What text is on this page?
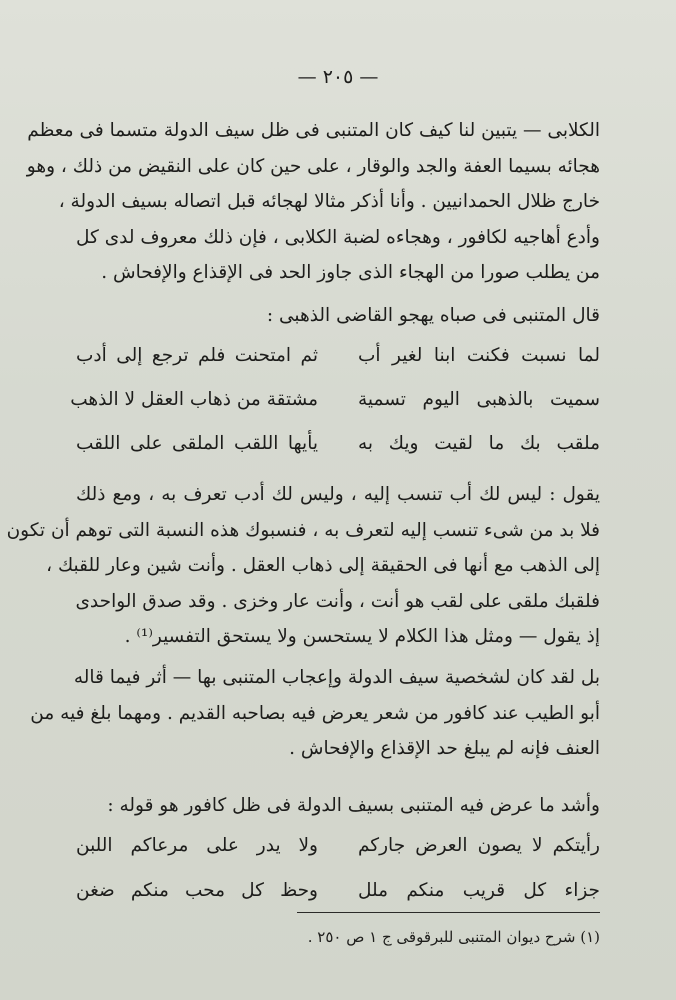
— ٢٠٥ —
الكلابى — يتبين لنا كيف كان المتنبى فى ظل سيف الدولة متسما فى معظم
هجائه بسيما العفة والجد والوقار ، على حين كان على النقيض من ذلك ، وهو
خارج ظلال الحمدانيين . وأنا أذكر مثالا لهجائه قبل اتصاله بسيف الدولة ،
وأدع أهاجيه لكافور ، وهجاءه لضبة الكلابى ، فإن ذلك معروف لدى كل
من يطلب صورا من الهجاء الذى جاوز الحد فى الإقذاع والإفحاش .
قال المتنبى فى صباه يهجو القاضى الذهبى :
لما نسبت فكنت ابنا لغير أب
ثم امتحنت فلم ترجع إلى أدب
سميت بالذهبى اليوم تسمية
مشتقة من ذهاب العقل لا الذهب
ملقب بك ما لقيت ويك به
يأيها اللقب الملقى على اللقب
يقول : ليس لك أب تنسب إليه ، وليس لك أدب تعرف به ، ومع ذلك
فلا بد من شىء تنسب إليه لتعرف به ، فنسبوك هذه النسبة التى توهم أن تكون
إلى الذهب مع أنها فى الحقيقة إلى ذهاب العقل . وأنت شين وعار للقبك ،
فلقبك ملقى على لقب هو أنت ، وأنت عار وخزى . وقد صدق الواحدى
إذ يقول — ومثل هذا الكلام لا يستحسن ولا يستحق التفسير⁽¹⁾ .
بل لقد كان لشخصية سيف الدولة وإعجاب المتنبى بها — أثر فيما قاله
أبو الطيب عند كافور من شعر يعرض فيه بصاحبه القديم . ومهما بلغ فيه من
العنف فإنه لم يبلغ حد الإقذاع والإفحاش .
وأشد ما عرض فيه المتنبى بسيف الدولة فى ظل كافور هو قوله :
رأيتكم لا يصون العرض جاركم
ولا يدر على مرعاكم اللبن
جزاء كل قريب منكم ملل
وحظ كل محب منكم ضغن
(١) شرح ديوان المتنبى للبرقوقى ج ١ ص ٢٥٠ .
